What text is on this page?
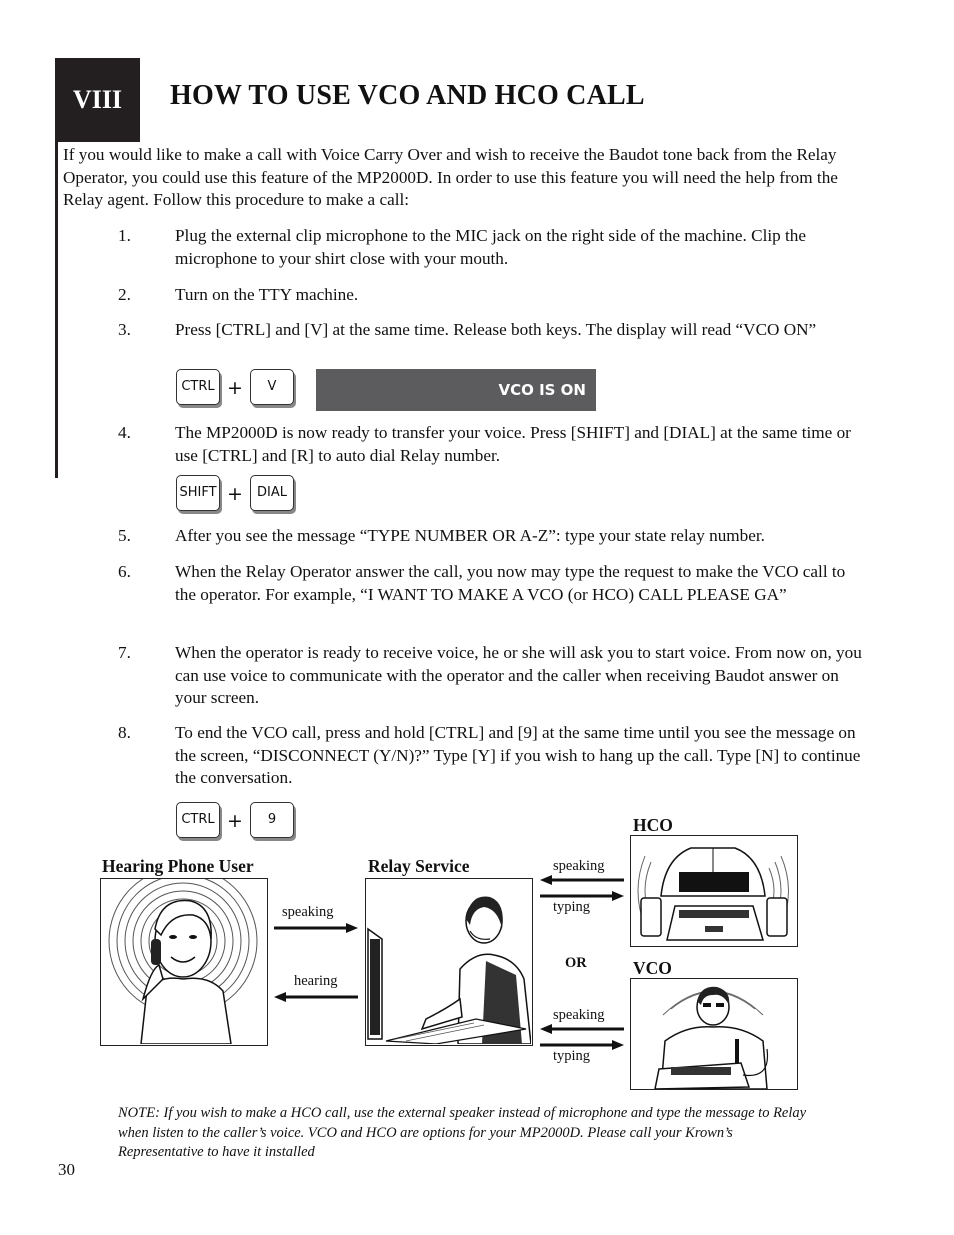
VIII HOW TO USE VCO AND HCO CALL
If you would like to make a call with Voice Carry Over and wish to receive the Baudot tone back from the Relay Operator, you could use this feature of the MP2000D. In order to use this feature you will need the help from the Relay agent. Follow this procedure to make a call:
1.	Plug the external clip microphone to the MIC jack on the right side of the machine. Clip the microphone to your shirt close with your mouth.
2.	Turn on the TTY machine.
3.	Press [CTRL] and [V] at the same time. Release both keys. The display will read “VCO ON”
CTRL +	V	VCO IS ON
4.	The MP2000D is now ready to transfer your voice. Press [SHIFT] and [DIAL] at the same time or use [CTRL] and [R] to auto dial Relay number.
SHIFT +	DIAL
5.	After you see the message “TYPE NUMBER OR A-Z”: type your state relay number.
6.	When the Relay Operator answer the call, you now may type the request to make the VCO call to the operator. For example, “I WANT TO MAKE A VCO (or HCO) CALL PLEASE GA”
7.	When the operator is ready to receive voice, he or she will ask you to start voice. From now on, you can use voice to communicate with the operator and the caller when receiving Baudot answer on your screen.
8.	To end the VCO call, press and hold [CTRL] and [9] at the same time until you see the message on the screen, “DISCONNECT (Y/N)?” Type [Y] if you wish to hang up the call. Type [N] to continue the conversation.
CTRL +	9
Hearing Phone User	Relay Service
HCO
VCO
speaking
hearing
speaking
typing
OR
speaking
typing
NOTE: If you wish to make a HCO call, use the external speaker instead of microphone and type the message to Relay when listen to the caller’s voice. VCO and HCO are options for your MP2000D. Please call your Krown’s Representative to have it installed
30
